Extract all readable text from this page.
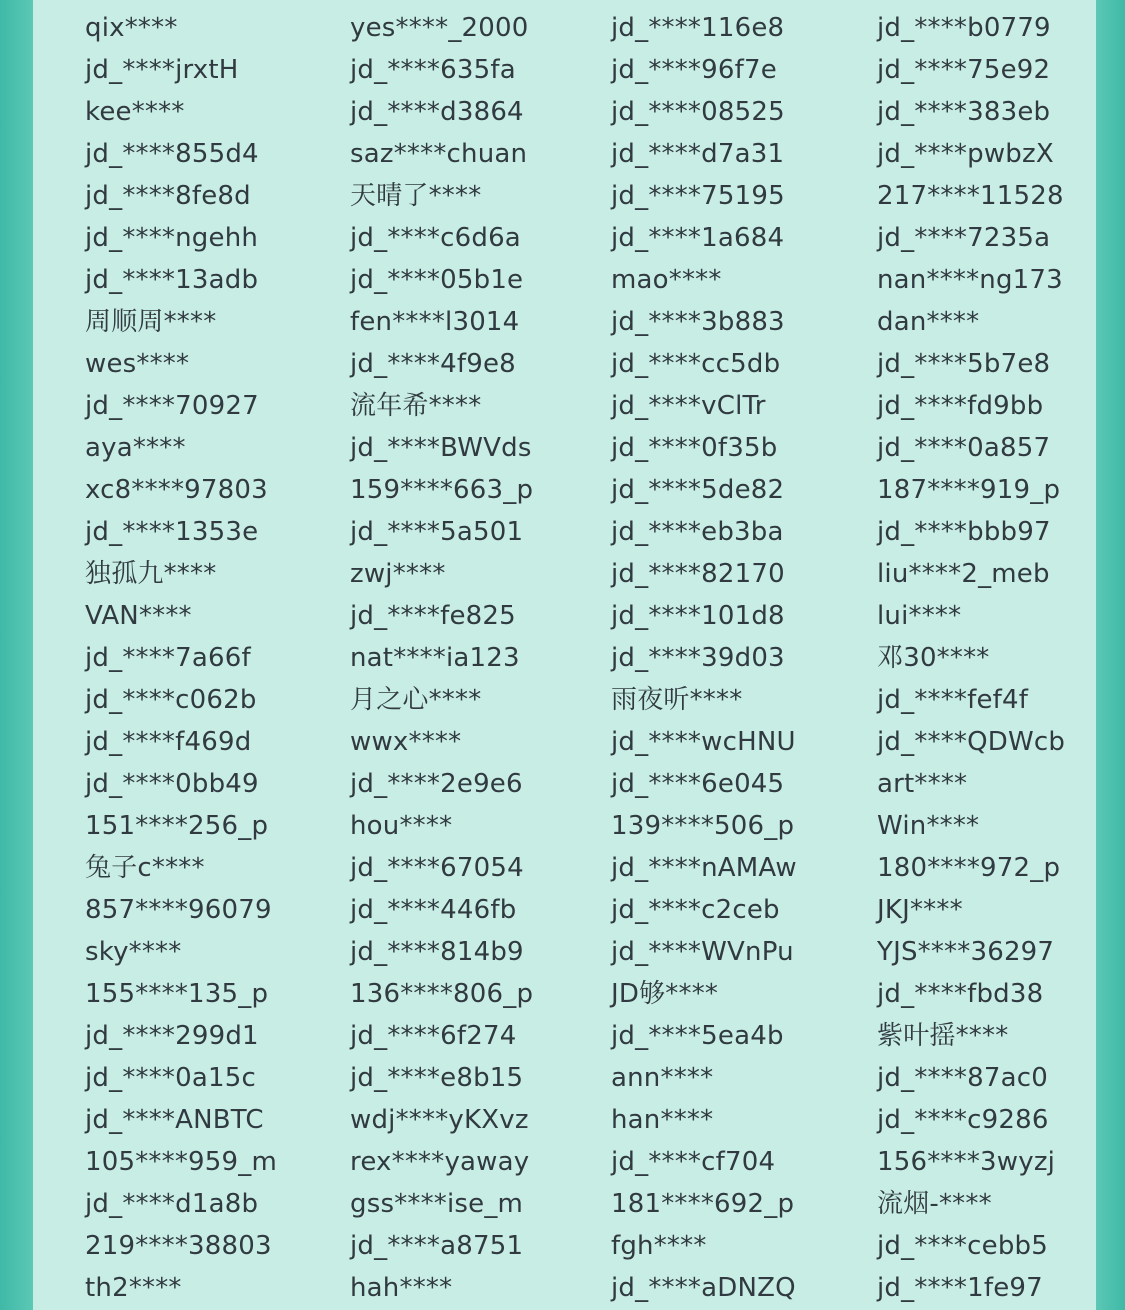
qix****	yes****_2000	jd_****116e8	jd_****b0779
jd_****jrxtH	jd_****635fa	jd_****96f7e	jd_****75e92
kee****	jd_****d3864	jd_****08525	jd_****383eb
jd_****855d4	saz****chuan	jd_****d7a31	jd_****pwbzX
jd_****8fe8d	天晴了****	jd_****75195	217****11528
jd_****ngehh	jd_****c6d6a	jd_****1a684	jd_****7235a
jd_****13adb	jd_****05b1e	mao****	nan****ng173
周顺周****	fen****l3014	jd_****3b883	dan****
wes****	jd_****4f9e8	jd_****cc5db	jd_****5b7e8
jd_****70927	流年希****	jd_****vClTr	jd_****fd9bb
aya****	jd_****BWVds	jd_****0f35b	jd_****0a857
xc8****97803	159****663_p	jd_****5de82	187****919_p
jd_****1353e	jd_****5a501	jd_****eb3ba	jd_****bbb97
独孤九****	zwj****	jd_****82170	liu****2_meb
VAN****	jd_****fe825	jd_****101d8	lui****
jd_****7a66f	nat****ia123	jd_****39d03	邓30****
jd_****c062b	月之心****	雨夜听****	jd_****fef4f
jd_****f469d	wwx****	jd_****wcHNU	jd_****QDWcb
jd_****0bb49	jd_****2e9e6	jd_****6e045	art****
151****256_p	hou****	139****506_p	Win****
兔子c****	jd_****67054	jd_****nAMAw	180****972_p
857****96079	jd_****446fb	jd_****c2ceb	JKJ****
sky****	jd_****814b9	jd_****WVnPu	YJS****36297
155****135_p	136****806_p	JD够****	jd_****fbd38
jd_****299d1	jd_****6f274	jd_****5ea4b	紫叶摇****
jd_****0a15c	jd_****e8b15	ann****	jd_****87ac0
jd_****ANBTC	wdj****yKXvz	han****	jd_****c9286
105****959_m	rex****yaway	jd_****cf704	156****3wyzj
jd_****d1a8b	gss****ise_m	181****692_p	流烟-****
219****38803	jd_****a8751	fgh****	jd_****cebb5
th2****	hah****	jd_****aDNZQ	jd_****1fe97
